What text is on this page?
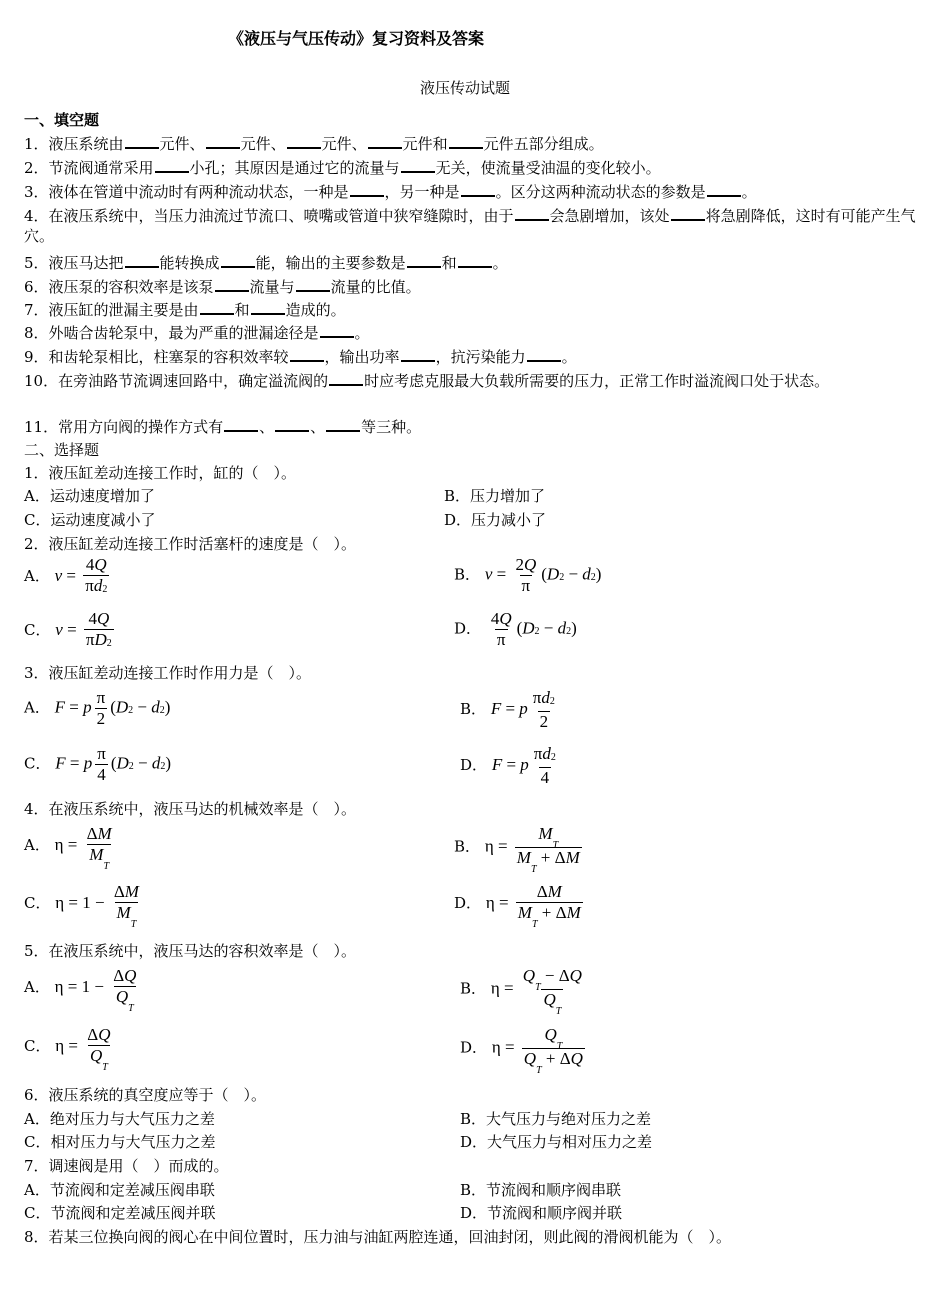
《液压与气压传动》复习资料及答案
液压传动试题
一、填空题
1．液压系统由 元件、 元件、 元件、 元件和 元件五部分组成。
2．节流阀通常采用 小孔；其原因是通过它的流量与 无关，使流量受油温的变化较小。
3．液体在管道中流动时有两种流动状态，一种是 ，另一种是 。区分这两种流动状态的参数是 。
4．在液压系统中，当压力油流过节流口、喷嘴或管道中狭窄缝隙时，由于 会急剧增加，该处 将急剧降低，这时有可能产生气穴。
5．液压马达把 能转换成 能，输出的主要参数是 和 。
6．液压泵的容积效率是该泵 流量与 流量的比值。
7．液压缸的泄漏主要是由 和 造成的。
8．外啮合齿轮泵中，最为严重的泄漏途径是 。
9．和齿轮泵相比，柱塞泵的容积效率较 ，输出功率 ，抗污染能力 。
10．在旁油路节流调速回路中，确定溢流阀的 时应考虑克服最大负载所需要的压力，正常工作时溢流阀口处于状态。
11．常用方向阀的操作方式有 、 、 等三种。
二、选择题
1．液压缸差动连接工作时，缸的（　）。
A．运动速度增加了	B．压力增加了
C．运动速度减小了	D．压力减小了
2．液压缸差动连接工作时活塞杆的速度是（　）。
A． $v = \frac{4Q}{\pi d2}$	B． $v = \frac{2Q}{\pi} (D2 - d2)$
C． $v = \frac{4Q}{\pi D2}$	D． $\frac{4Q}{\pi} (D2 - d2)$
3．液压缸差动连接工作时作用力是（　）。
A． F = p $\frac{\pi}{2} (D2 - d2)$	B． F = p $\frac{\pi d2}{2}$
C． F = p $\frac{\pi}{4} (D2 - d2)$	D． F = p $\frac{\pi d2}{4}$
4．在液压系统中，液压马达的机械效率是（　）。
A． $\eta = \frac{\Delta M}{M_T}$	B． $\eta = \frac{M_T}{M_T + \Delta M}$
C． $\eta = 1 - \frac{\Delta M}{M_T}$	D． $\eta = \frac{\Delta M}{M_T + \Delta M}$
5．在液压系统中，液压马达的容积效率是（　）。
A． $\eta = 1 - \frac{\Delta Q}{Q_T}$	B． $\eta = \frac{Q_T - \Delta Q}{Q_T}$
C． $\eta = \frac{\Delta Q}{Q_T}$	D． $\eta = \frac{Q_T}{Q_T + \Delta Q}$
6．液压系统的真空度应等于（　）。
A．绝对压力与大气压力之差	B．大气压力与绝对压力之差
C．相对压力与大气压力之差	D．大气压力与相对压力之差
7．调速阀是用（　）而成的。
A．节流阀和定差减压阀串联	B．节流阀和顺序阀串联
C．节流阀和定差减压阀并联	D．节流阀和顺序阀并联
8．若某三位换向阀的阀心在中间位置时，压力油与油缸两腔连通，回油封闭，则此阀的滑阀机能为（　）。
